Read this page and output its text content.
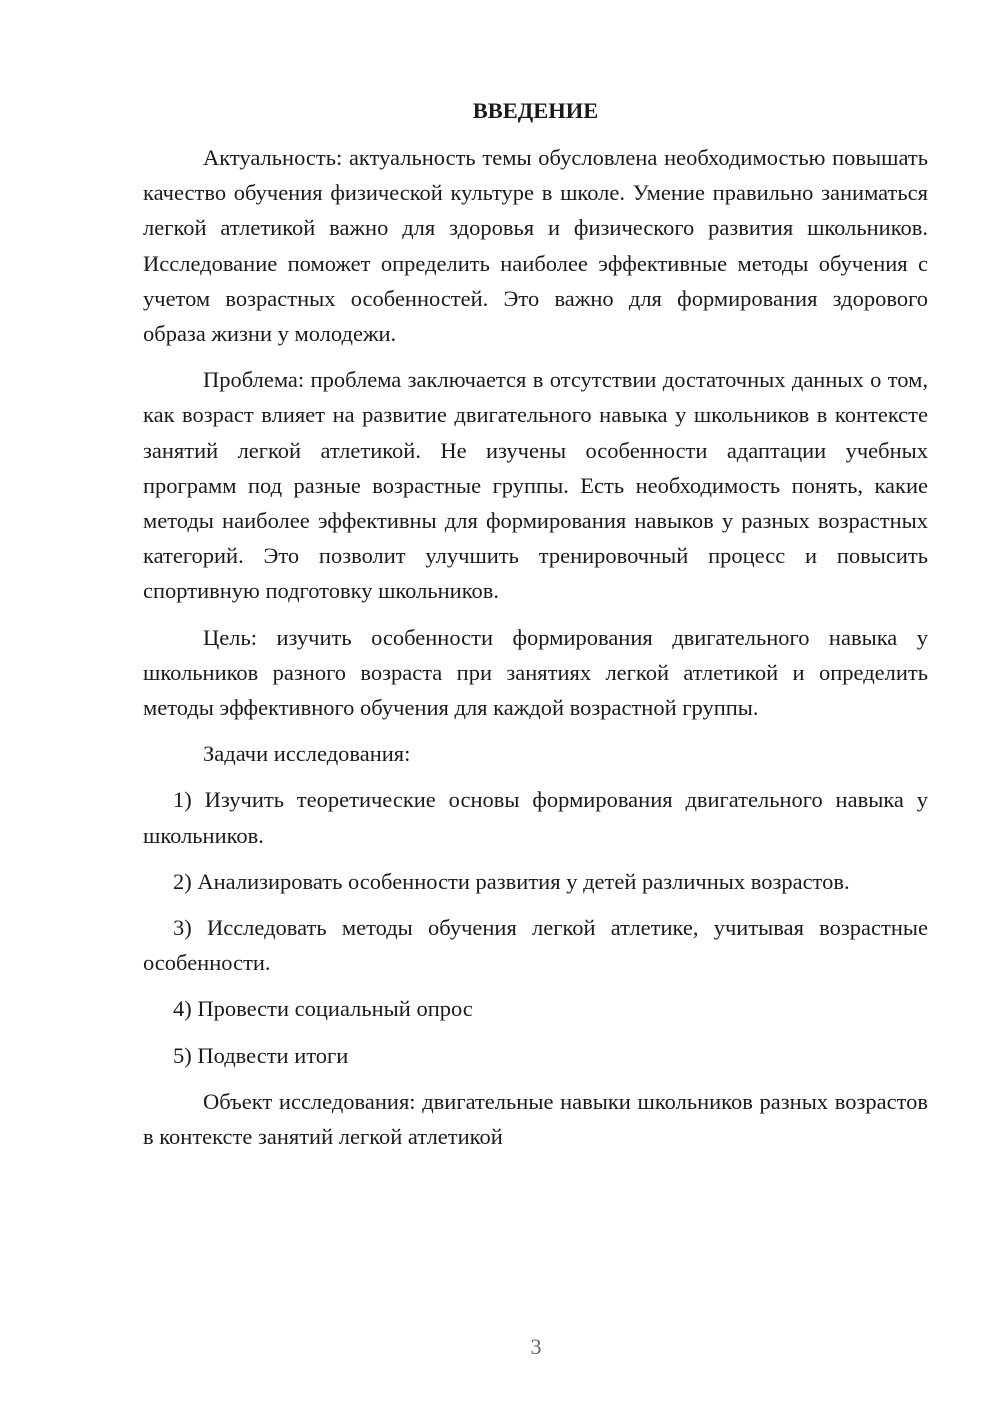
ВВЕДЕНИЕ

Актуальность: актуальность темы обусловлена необходимостью повышать качество обучения физической культуре в школе. Умение правильно заниматься легкой атлетикой важно для здоровья и физического развития школьников. Исследование поможет определить наиболее эффективные методы обучения с учетом возрастных особенностей. Это важно для формирования здорового образа жизни у молодежи.

Проблема: проблема заключается в отсутствии достаточных данных о том, как возраст влияет на развитие двигательного навыка у школьников в контексте занятий легкой атлетикой. Не изучены особенности адаптации учебных программ под разные возрастные группы. Есть необходимость понять, какие методы наиболее эффективны для формирования навыков у разных возрастных категорий. Это позволит улучшить тренировочный процесс и повысить спортивную подготовку школьников.

Цель: изучить особенности формирования двигательного навыка у школьников разного возраста при занятиях легкой атлетикой и определить методы эффективного обучения для каждой возрастной группы.

Задачи исследования:

1) Изучить теоретические основы формирования двигательного навыка у школьников.

2) Анализировать особенности развития у детей различных возрастов.

3) Исследовать методы обучения легкой атлетике, учитывая возрастные особенности.

4) Провести социальный опрос

5) Подвести итоги

Объект исследования: двигательные навыки школьников разных возрастов в контексте занятий легкой атлетикой

3
